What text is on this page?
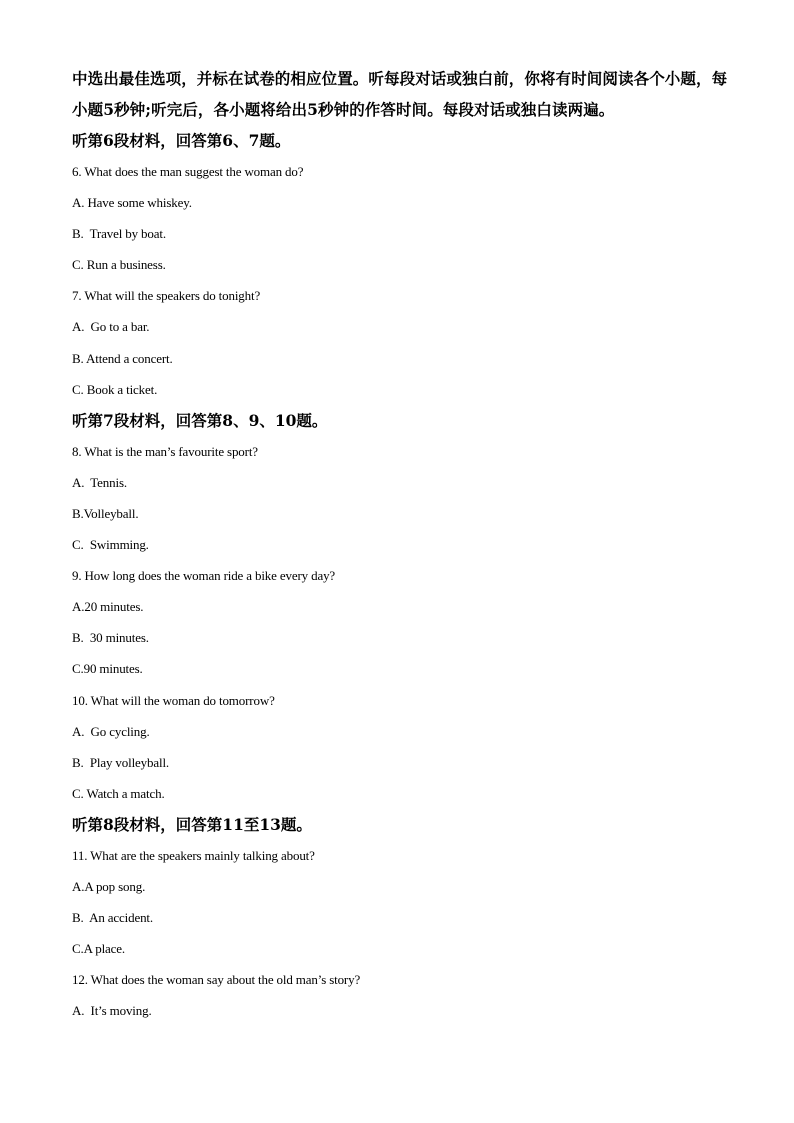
中选出最佳选项，并标在试卷的相应位置。听每段对话或独白前，你将有时间阅读各个小题，每小题5秒钟;听完后，各小题将给出5秒钟的作答时间。每段对话或独白读两遍。

听第6段材料，回答第6、7题。

6. What does the man suggest the woman do?

A. Have some whiskey.

B.  Travel by boat.

C. Run a business.

7. What will the speakers do tonight?

A.  Go to a bar.

B. Attend a concert.

C. Book a ticket.

听第7段材料，回答第8、9、10题。

8. What is the man’s favourite sport?

A.  Tennis.

B.Volleyball.

C.  Swimming.

9. How long does the woman ride a bike every day?

A.20 minutes.

B.  30 minutes.

C.90 minutes.

10. What will the woman do tomorrow?

A.  Go cycling.

B.  Play volleyball.

C. Watch a match.

听第8段材料，回答第11至13题。

11. What are the speakers mainly talking about?

A.A pop song.

B.  An accident.

C.A place.

12. What does the woman say about the old man’s story?

A.  It’s moving.
